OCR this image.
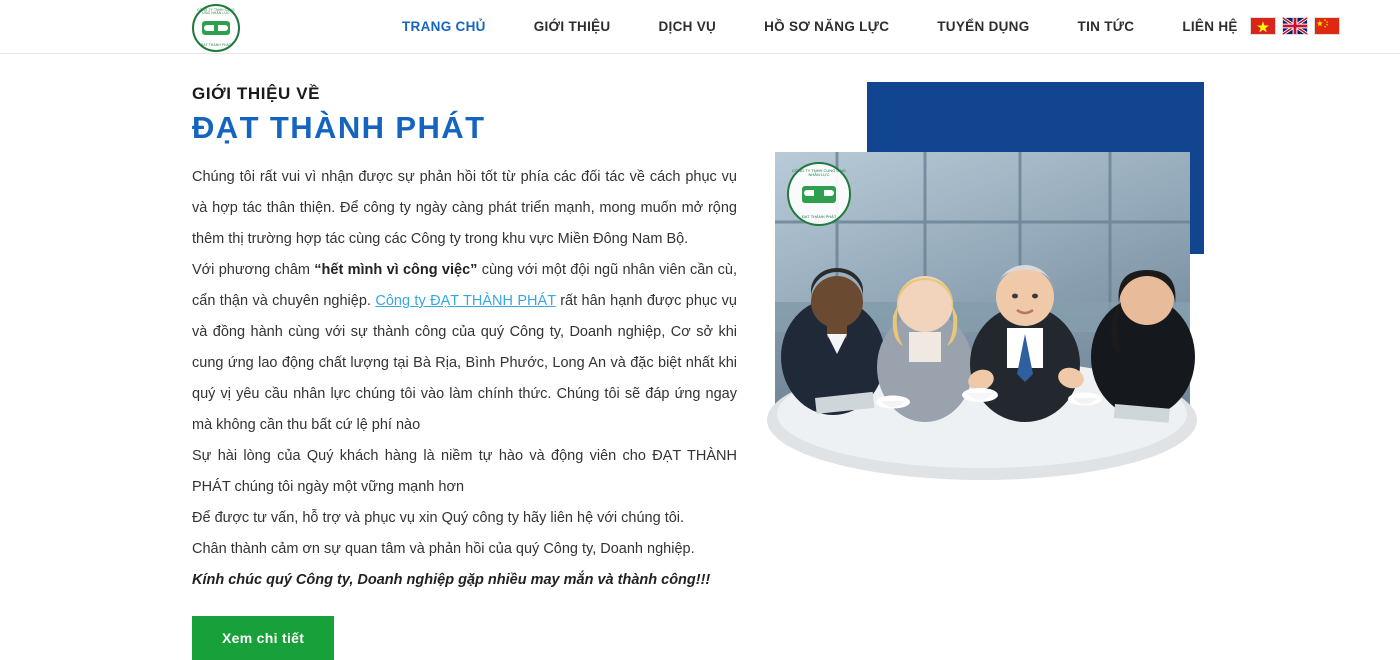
CÔNG TY TNHH CUNG ỨNG NHÂN LỰC
ĐẠT THÀNH PHÁT
TRANG CHỦ	GIỚI THIỆU	DỊCH VỤ	HỒ SƠ NĂNG LỰC	TUYỂN DỤNG	TIN TỨC	LIÊN HỆ
GIỚI THIỆU VỀ
ĐẠT THÀNH PHÁT

Chúng tôi rất vui vì nhận được sự phản hồi tốt từ phía các đối tác về cách phục vụ và hợp tác thân thiện. Để công ty ngày càng phát triển mạnh, mong muốn mở rộng thêm thị trường hợp tác cùng các Công ty trong khu vực Miền Đông Nam Bộ.

Với phương châm “hết mình vì công việc” cùng với một đội ngũ nhân viên cần cù, cẩn thận và chuyên nghiệp. Công ty ĐẠT THÀNH PHÁT rất hân hạnh được phục vụ và đồng hành cùng với sự thành công của quý Công ty, Doanh nghiệp, Cơ sở khi cung ứng lao động chất lượng tại Bà Rịa, Bình Phước, Long An và đặc biệt nhất khi quý vị yêu cầu nhân lực chúng tôi vào làm chính thức. Chúng tôi sẽ đáp ứng ngay mà không cần thu bất cứ lệ phí nào

Sự hài lòng của Quý khách hàng là niềm tự hào và động viên cho ĐẠT THÀNH PHÁT chúng tôi ngày một vững mạnh hơn

Để được tư vấn, hỗ trợ và phục vụ xin Quý công ty hãy liên hệ với chúng tôi.

Chân thành cảm ơn sự quan tâm và phản hồi của quý Công ty, Doanh nghiệp.

Kính chúc quý Công ty, Doanh nghiệp gặp nhiều may mắn và thành công!!!

Xem chi tiết
CÔNG TY TNHH CUNG ỨNG NHÂN LỰC
ĐẠT THÀNH PHÁT
